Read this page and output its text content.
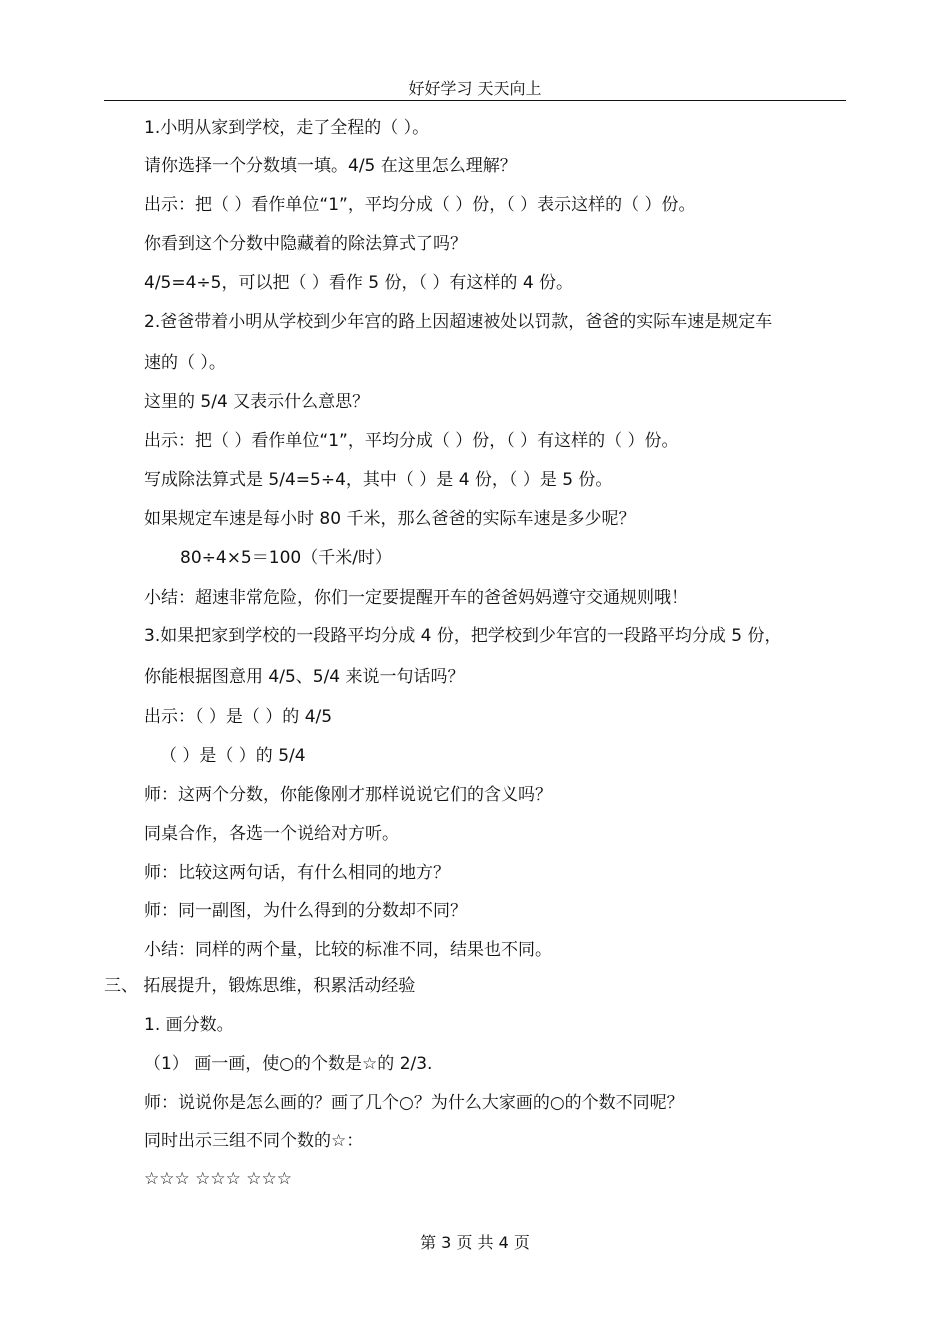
好好学习 天天向上
1.小明从家到学校，走了全程的（ ）。
请你选择一个分数填一填。4/5 在这里怎么理解？
出示：把（ ）看作单位“1”，平均分成（ ）份，（ ）表示这样的（ ）份。
你看到这个分数中隐藏着的除法算式了吗？
4/5=4÷5，可以把（ ）看作 5 份，（ ）有这样的 4 份。
2.爸爸带着小明从学校到少年宫的路上因超速被处以罚款，爸爸的实际车速是规定车
速的（ ）。
这里的 5/4 又表示什么意思？
出示：把（ ）看作单位“1”，平均分成（ ）份，（ ）有这样的（ ）份。
写成除法算式是 5/4=5÷4，其中（ ）是 4 份，（ ）是 5 份。
如果规定车速是每小时 80 千米，那么爸爸的实际车速是多少呢？
80÷4×5＝100（千米/时）
小结：超速非常危险，你们一定要提醒开车的爸爸妈妈遵守交通规则哦！
3.如果把家到学校的一段路平均分成 4 份，把学校到少年宫的一段路平均分成 5 份，
你能根据图意用 4/5、5/4 来说一句话吗？
出示：（ ）是（ ）的 4/5
（ ）是（ ）的 5/4
师：这两个分数，你能像刚才那样说说它们的含义吗？
同桌合作，各选一个说给对方听。
师：比较这两句话，有什么相同的地方？
师：同一副图，为什么得到的分数却不同？
小结：同样的两个量，比较的标准不同，结果也不同。
三、 拓展提升，锻炼思维，积累活动经验
1. 画分数。
（1） 画一画，使○的个数是☆的 2/3.
师：说说你是怎么画的？画了几个○？为什么大家画的○的个数不同呢？
同时出示三组不同个数的☆：
☆☆☆ ☆☆☆ ☆☆☆
第 3 页 共 4 页
